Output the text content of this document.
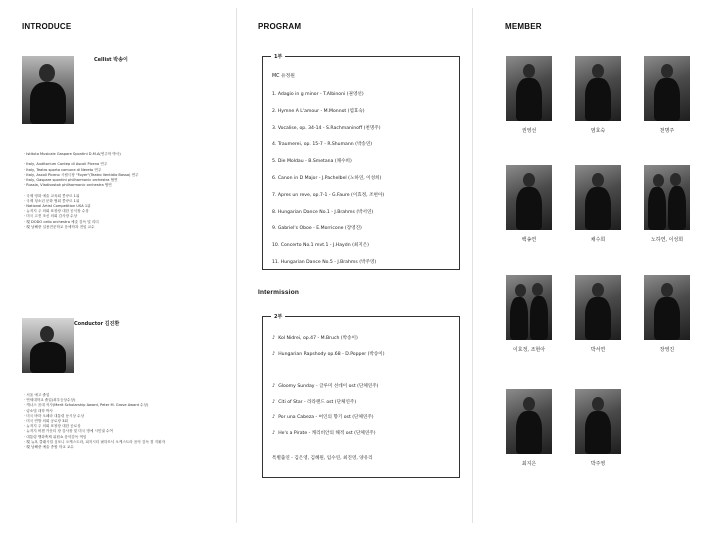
INTRODUCE
Cellist 박송이
· Istituto Musicale Gaspare Spontini D.M.A(연주학 박사)

· Italy, Auditorium Cantep di Ascoli Piceno 연주
· Italy, Teatro sporto comune di Nereto 연주
· Italy, Ascoli Piceno 시립극장 "Foyer"(Teatro Ventidio Basso) 연주
· Italy, Gaspare spontini philharmonic orchestra 협연
· Russia, Vladivostok philharmonic orchestra 협연

· 국제 영화 예술 교육회 콩쿠르 1위
· 국제 청소년 문화 협회 콩쿠르 1위
· National Artist Competition USA 1위
· 뉴저지 주 의회 표창장 대한 공식장 수상
· 미국 고전 조신 의회 감사장 수상
· 現 DODO cello orchestra 예술 감독 및 리더
· 現 남해중 실용전문학교 음예학과 전임 교수
Conductor 김진환
· 서울 예고 졸업
· 연세대학교 졸업(최우등상수상)
· 캐나스 음대 석사(Merit Scholarship Award, Peter M. Grove Award 수상)
· 링소법 대학 박사
· 미국 바하 오페라 대통령 동시상 수상
· 미국 연방 의회 공로장 3회
· 뉴저지 주 의회 표창장 대한 공로상
· 뉴저지 버겐 카운티 장 감사장 및 미국 명예 시민권 수여
· 대통령 앵화축제 위원쇼 음악감독 역임
· 現 뉴욕 클래시컬 심포니 오케스트라, 피지시티 필하모닉 오케스트라 음악 감독 겸 지휘자
· 現 남해중 예술 종합 학교 교수
PROGRAM
1부
MC 유정원
1. Adagio in g minor - T.Albinoni (권영선)
2. Hymne A L'amour - M.Monnot (염효숙)
3. Vocalise, op. 34-14 - S.Rachmaninoff (천명주)
4. Traumerei, op. 15-7 - R.Shumann (박송연)
5. Die Moldau - B.Smetana (채수희)
6. Canon in D Major - J.Pachelbel (노하연, 이성희)
7. Apres un reve, op.7-1 - G.Faure (이효정, 조현아)
8. Hungarian Dance No.1 - J.Brahms (박서연)
9. Gabriel's Oboe - E.Morricone (장영진)
10. Concerto No.1 mvt.1 - J.Haydn (최지은)
11. Hungarian Dance No.5 - J.Brahms (박주영)
Intermission
2부
♪ Kol Nidrei, op.47 - M.Bruch (박송이)
♪ Hungarian Rapshody op.68 - D.Popper (박송이)
♪ Gloomy Sunday - 글루미 선데이 ost (단체연주)
♪ Citi of Star - 라라랜드 ost (단체연주)
♪ Por una Cabeza - 여인의 향기 ost (단체연주)
♪ He's a Pirate - 캐리비안의 해적 ost (단체연주)
특별출연 - 김은영, 김혜원, 임수연, 최진영, 양유리
MEMBER
권영선	염효숙	천명주
백송연	채수희	노하연, 이성희
이효정, 조현아	박서연	장영진
최지은	박주영
